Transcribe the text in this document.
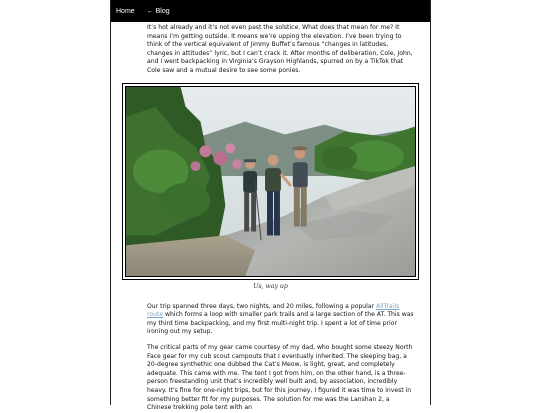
Home ← Blog

It’s hot already and it’s not even past the solstice. What does that mean for me? It means I’m getting outside. It means we’re upping the elevation. I’ve been trying to think of the vertical equivalent of Jimmy Buffet’s famous “changes in latitudes, changes in attitudes” lyric, but I can’t crack it. After months of deliberation, Cole, John, and I went backpacking in Virginia’s Grayson Highlands, spurred on by a TikTok that Cole saw and a mutual desire to see some ponies.

Us, way up

Our trip spanned three days, two nights, and 20 miles, following a popular AllTrails route which forms a loop with smaller park trails and a large section of the AT. This was my third time backpacking, and my first multi-night trip. I spent a lot of time prior ironing out my setup.

The critical parts of my gear came courtesy of my dad, who bought some steezy North Face gear for my cub scout campouts that I eventually inherited. The sleeping bag, a 20-degree synthethic one dubbed the Cat’s Meow, is light, great, and completely adequate. This came with me. The tent I got from him, on the other hand, is a three-person freestanding unit that’s incredibly well built and, by association, incredibly heavy. It’s fine for one-night trips, but for this journey, I figured it was time to invest in something better fit for my purposes. The solution for me was the Lanshan 2, a Chinese trekking pole tent with an
